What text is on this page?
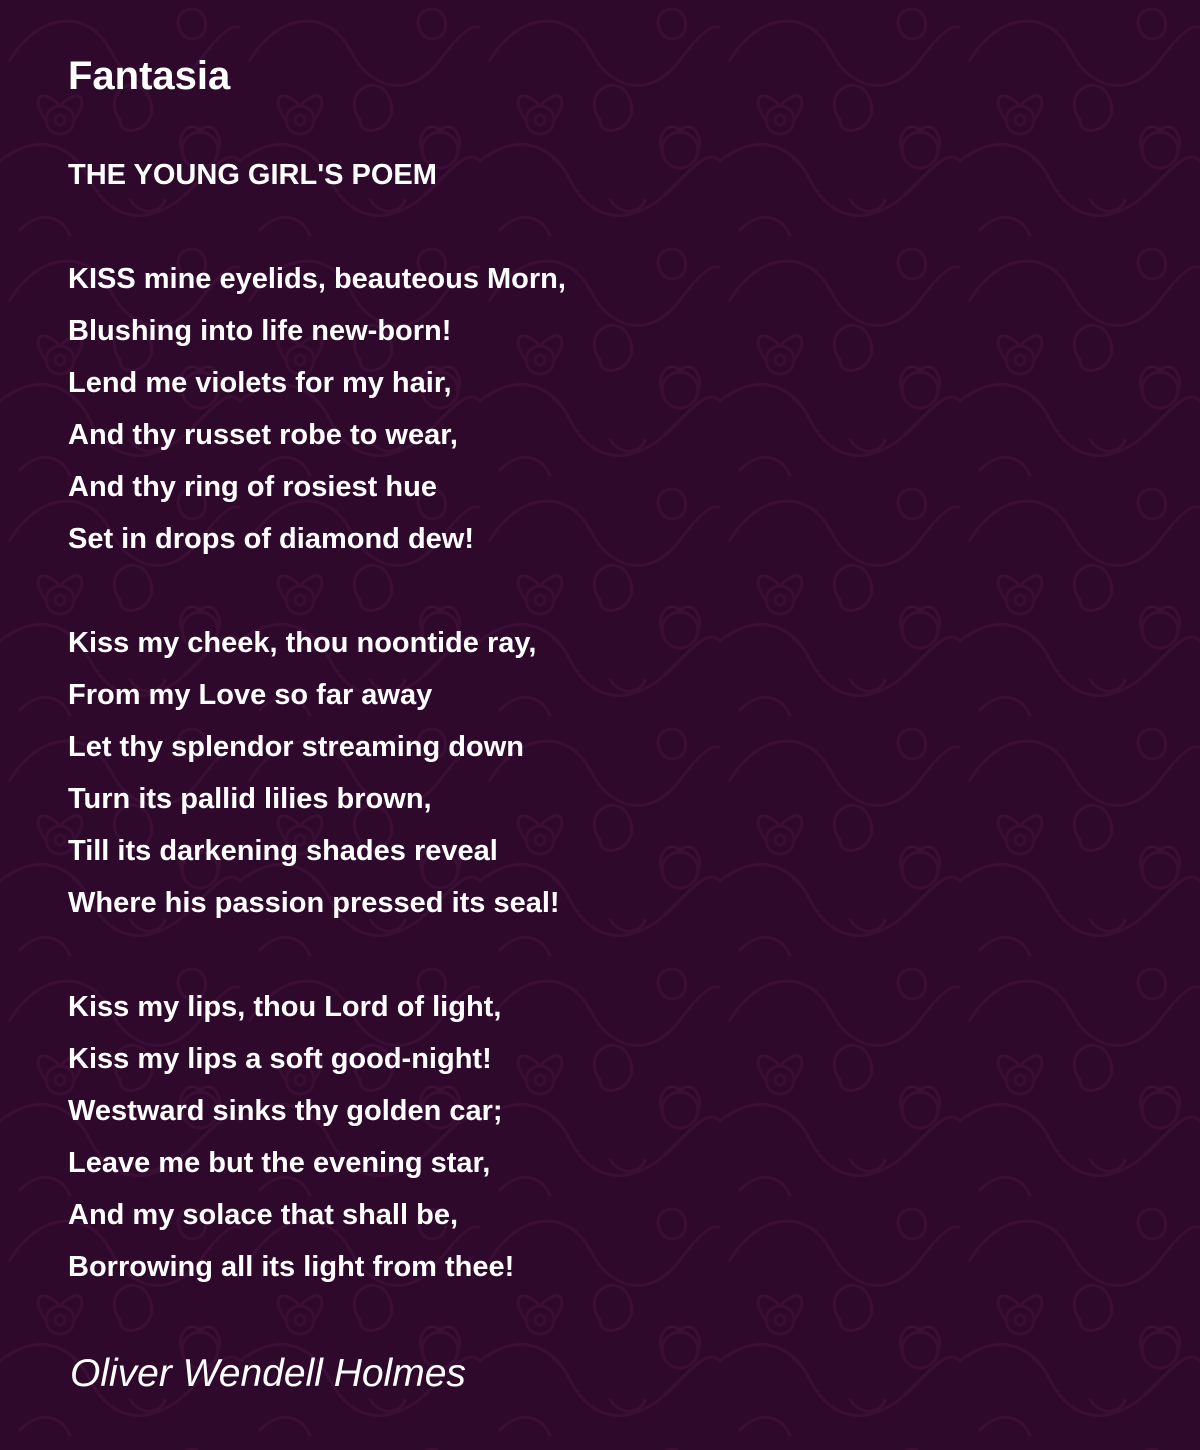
Fantasia
THE YOUNG GIRL'S POEM
KISS mine eyelids, beauteous Morn,
Blushing into life new-born!
Lend me violets for my hair,
And thy russet robe to wear,
And thy ring of rosiest hue
Set in drops of diamond dew!
Kiss my cheek, thou noontide ray,
From my Love so far away
Let thy splendor streaming down
Turn its pallid lilies brown,
Till its darkening shades reveal
Where his passion pressed its seal!
Kiss my lips, thou Lord of light,
Kiss my lips a soft good-night!
Westward sinks thy golden car;
Leave me but the evening star,
And my solace that shall be,
Borrowing all its light from thee!

Oliver Wendell Holmes
